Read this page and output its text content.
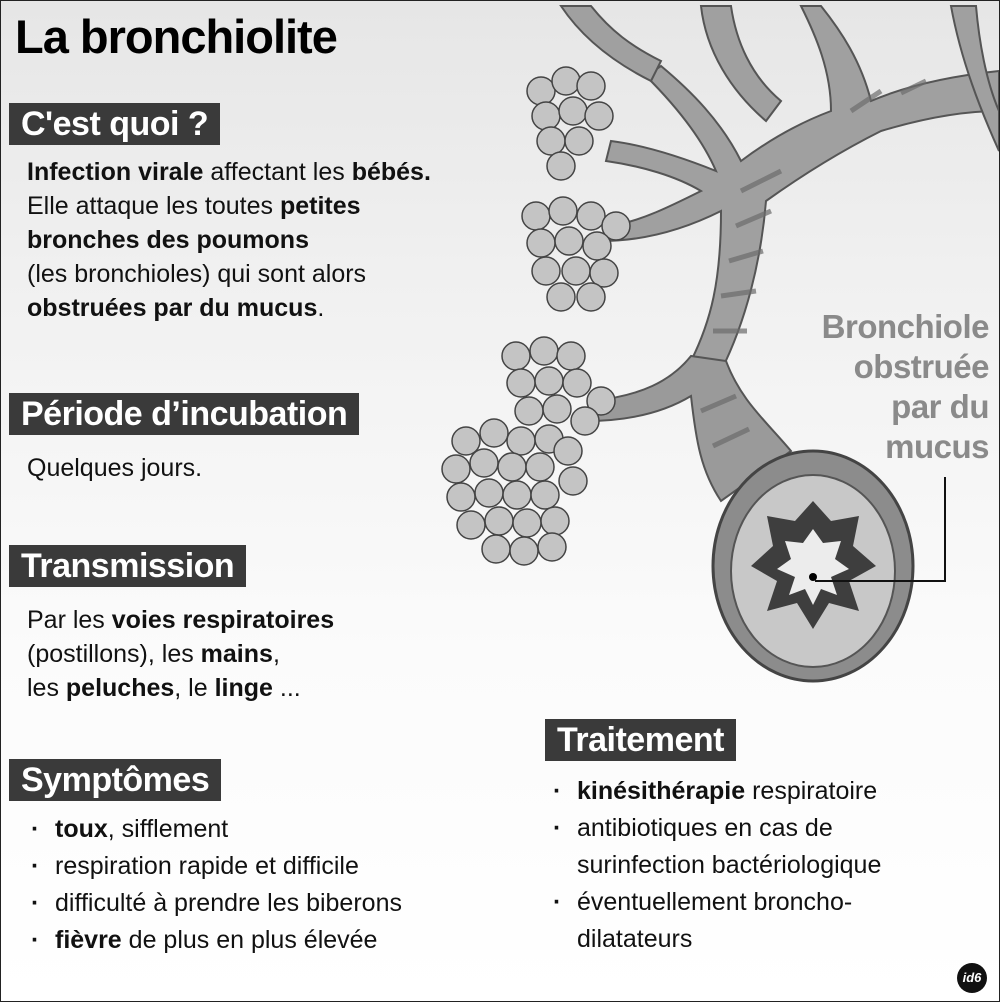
La bronchiolite
C'est quoi ?

Infection virale affectant les bébés.
Elle attaque les toutes petites
bronches des poumons
(les bronchioles) qui sont alors
obstruées par du mucus.

Période d’incubation

Quelques jours.

Transmission

Par les voies respiratoires
(postillons), les mains,
les peluches, le linge ...

Symptômes
· toux, sifflement
· respiration rapide et difficile
· difficulté à prendre les biberons
· fièvre de plus en plus élevée
Traitement
· kinésithérapie respiratoire
· antibiotiques en cas de
surinfection bactériologique
· éventuellement broncho-
dilatateurs

Bronchiole
obstruée
par du
mucus

id6
